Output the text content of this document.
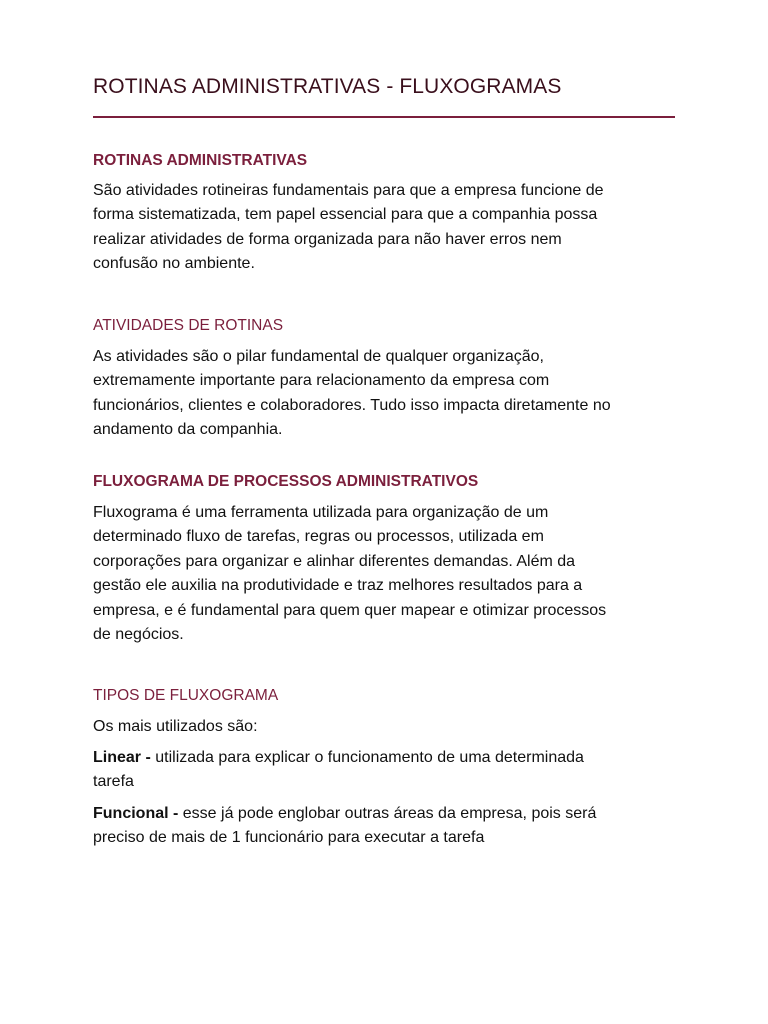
ROTINAS ADMINISTRATIVAS - FLUXOGRAMAS
ROTINAS ADMINISTRATIVAS
São atividades rotineiras fundamentais para que a empresa funcione de
forma sistematizada, tem papel essencial para que a companhia possa
realizar atividades de forma organizada para não haver erros nem
confusão no ambiente.
ATIVIDADES DE ROTINAS
As atividades são o pilar fundamental de qualquer organização,
extremamente importante para relacionamento da empresa com
funcionários, clientes e colaboradores. Tudo isso impacta diretamente no
andamento da companhia.
FLUXOGRAMA DE PROCESSOS ADMINISTRATIVOS
Fluxograma é uma ferramenta utilizada para organização de um
determinado fluxo de tarefas, regras ou processos, utilizada em
corporações para organizar e alinhar diferentes demandas. Além da
gestão ele auxilia na produtividade e traz melhores resultados para a
empresa, e é fundamental para quem quer mapear e otimizar processos
de negócios.
TIPOS DE FLUXOGRAMA
Os mais utilizados são:
Linear - utilizada para explicar o funcionamento de uma determinada
tarefa
Funcional - esse já pode englobar outras áreas da empresa, pois será
preciso de mais de 1 funcionário para executar a tarefa
